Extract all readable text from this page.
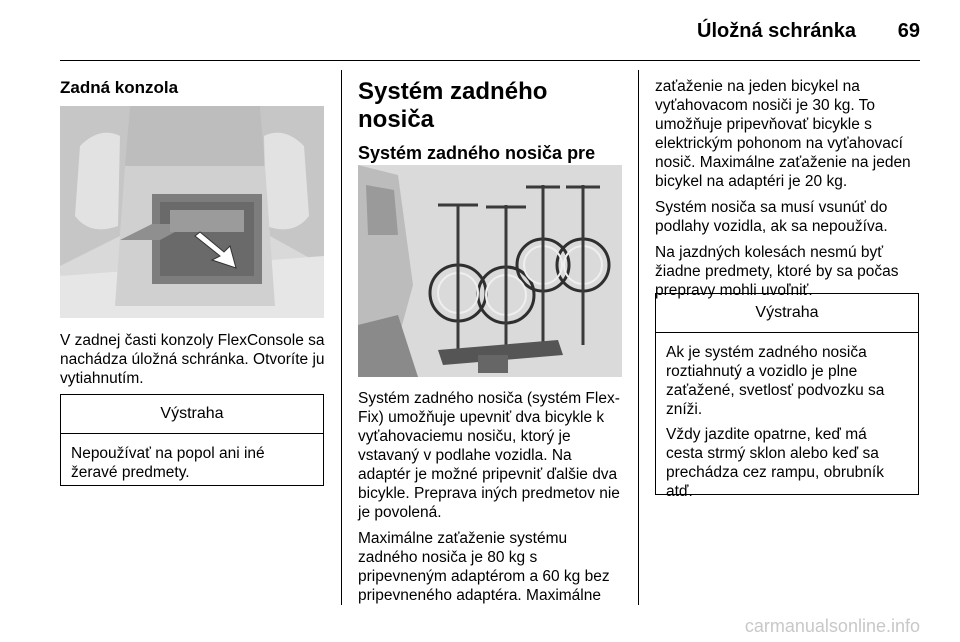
Úložná schránka 69
Zadná konzola

V zadnej časti konzoly FlexConsole sa nachádza úložná schránka. Otvoríte ju vytiahnutím.

Výstraha

Nepoužívať na popol ani iné žeravé predmety.

Systém zadného nosiča
Systém zadného nosiča pre

Systém zadného nosiča (systém Flex-Fix) umožňuje upevniť dva bicykle k vyťahovaciemu nosiču, ktorý je vstavaný v podlahe vozidla. Na adaptér je možné pripevniť ďalšie dva bicykle. Preprava iných predmetov nie je povolená.

Maximálne zaťaženie systému zadného nosiča je 80 kg s pripevneným adaptérom a 60 kg bez pripevneného adaptéra. Maximálne

zaťaženie na jeden bicykel na vyťahovacom nosiči je 30 kg. To umožňuje pripevňovať bicykle s elektrickým pohonom na vyťahovací nosič. Maximálne zaťaženie na jeden bicykel na adaptéri je 20 kg.

Systém nosiča sa musí vsunúť do podlahy vozidla, ak sa nepoužíva.

Na jazdných kolesách nesmú byť žiadne predmety, ktoré by sa počas prepravy mohli uvoľniť.

Výstraha

Ak je systém zadného nosiča roztiahnutý a vozidlo je plne zaťažené, svetlosť podvozku sa zníži.

Vždy jazdite opatrne, keď má cesta strmý sklon alebo keď sa prechádza cez rampu, obrubník atď.

carmanualsonline.info
